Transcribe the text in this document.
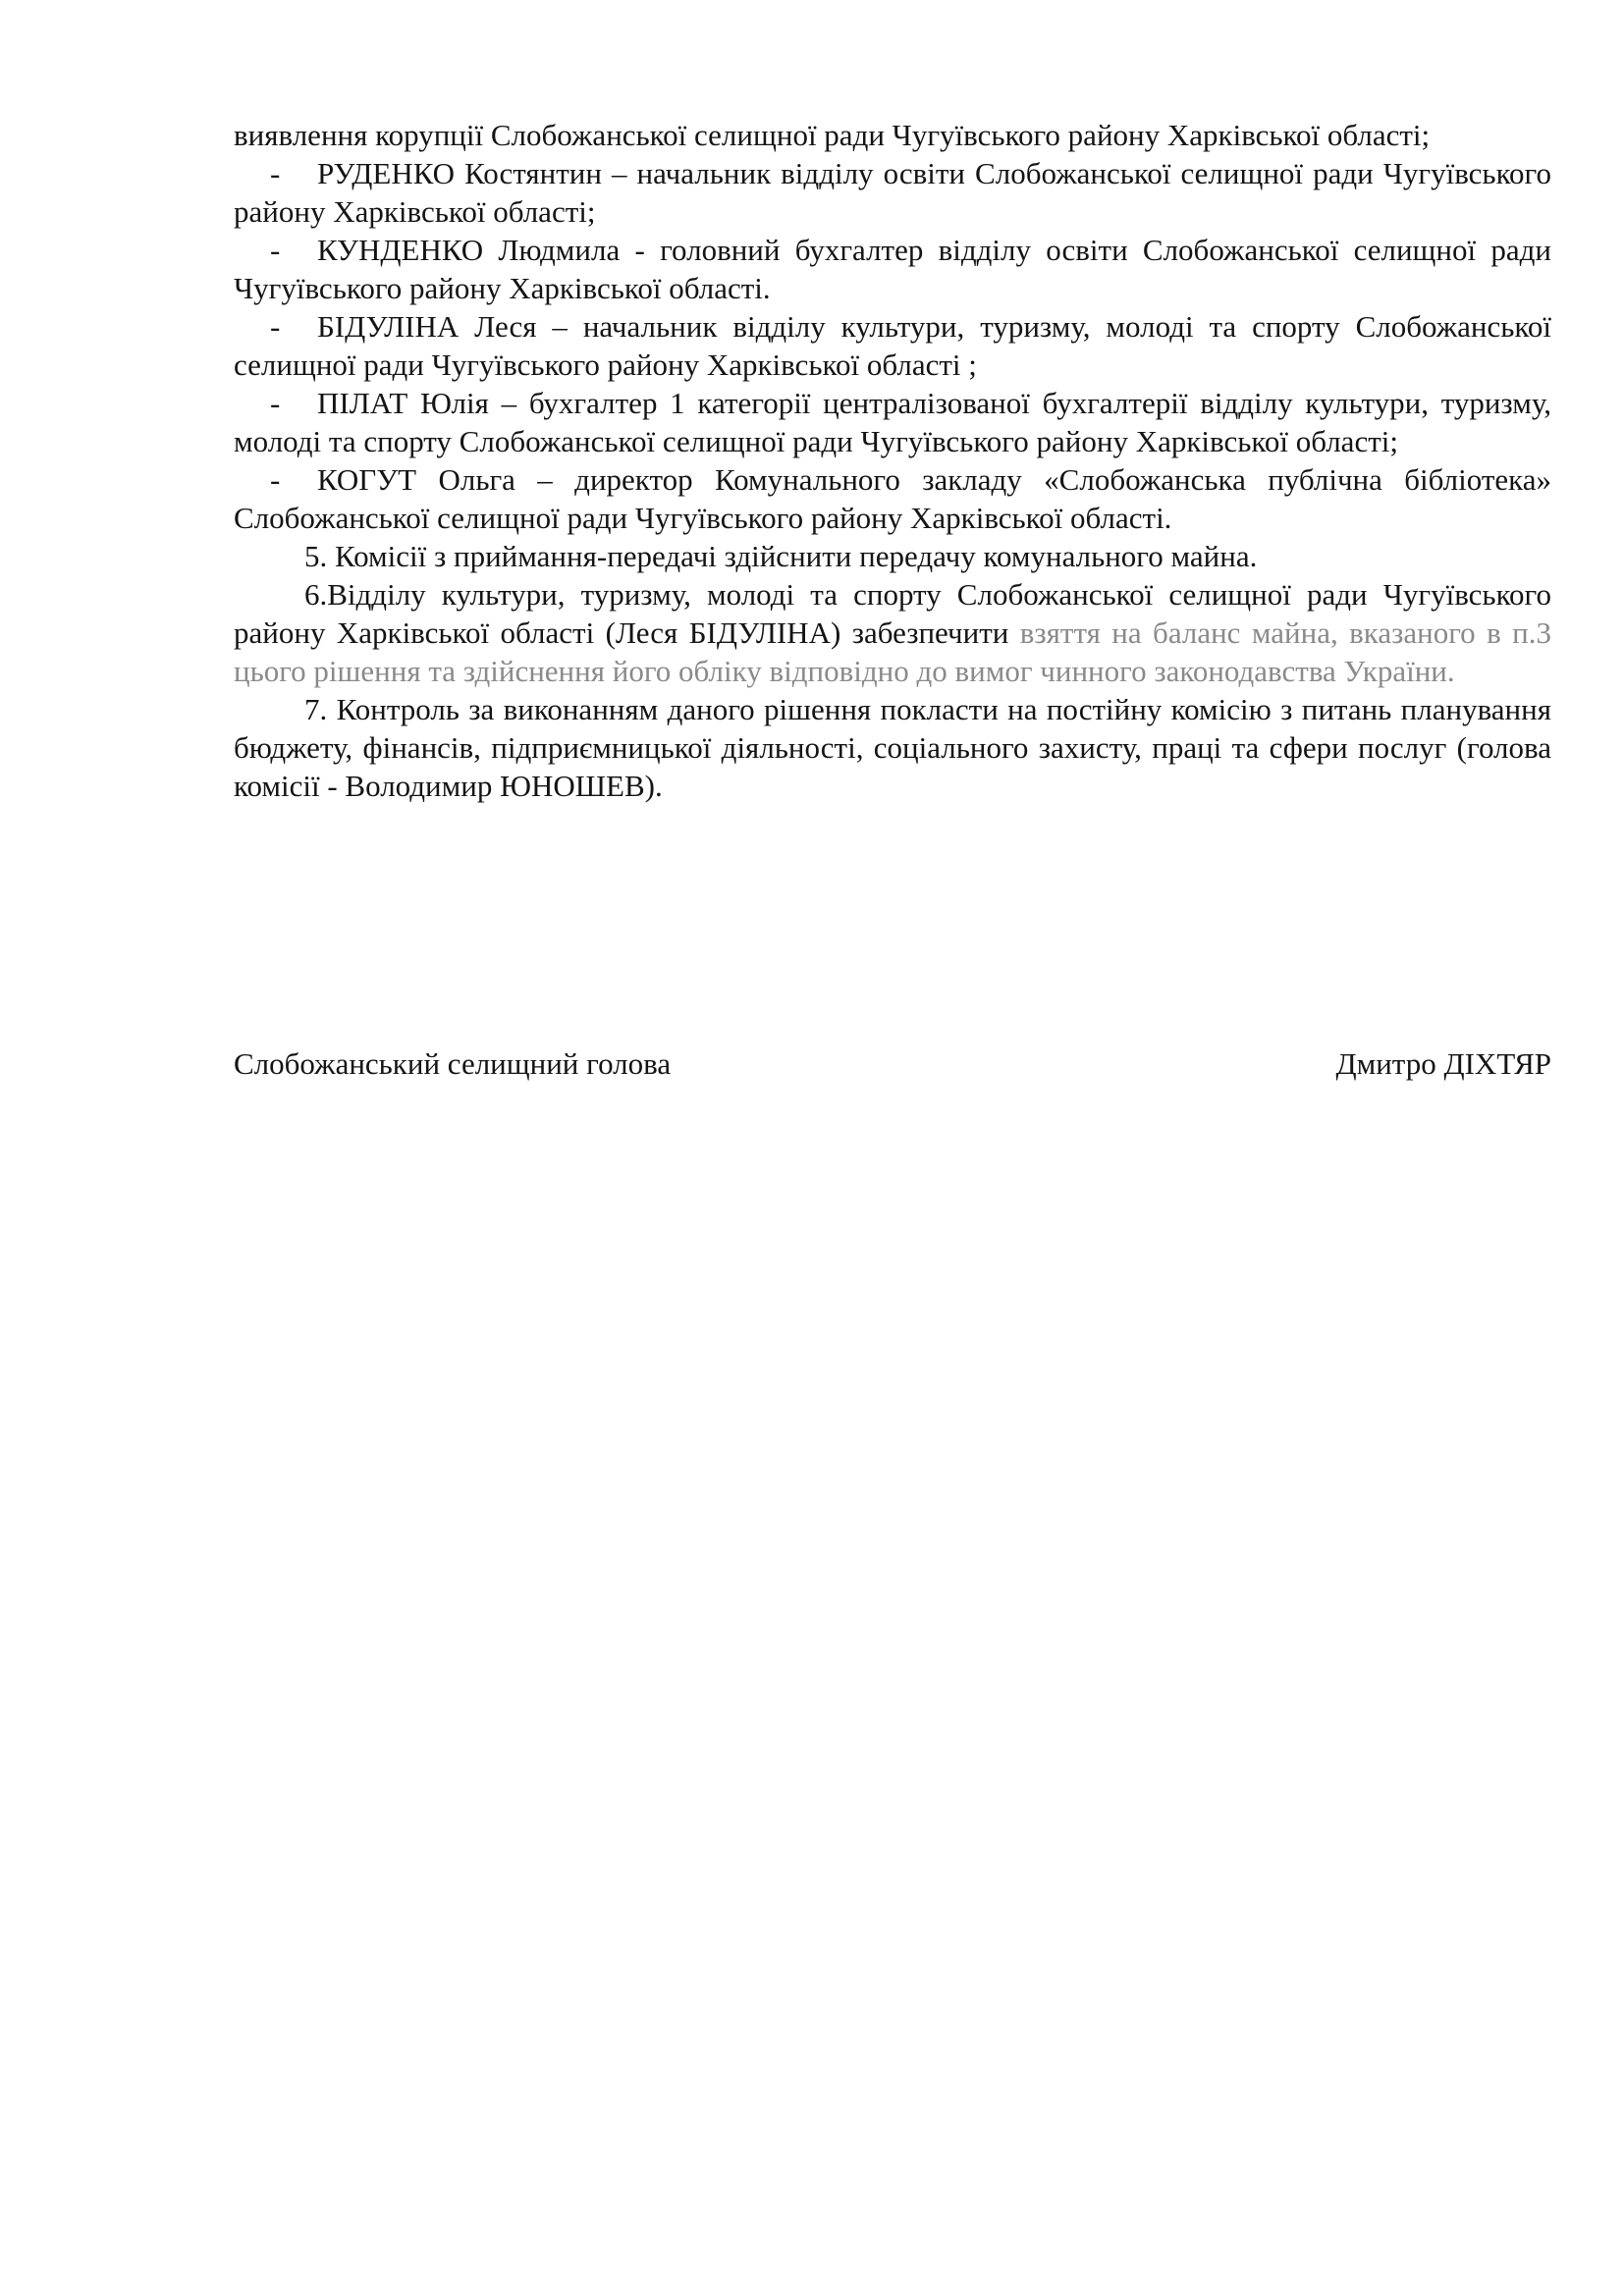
виявлення корупції Слобожанської селищної ради Чугуївського району Харківської області;

- РУДЕНКО Костянтин – начальник відділу освіти Слобожанської селищної ради Чугуївського району Харківської області;

- КУНДЕНКО Людмила - головний бухгалтер відділу освіти Слобожанської селищної ради Чугуївського району Харківської області.

- БІДУЛІНА Леся – начальник відділу культури, туризму, молоді та спорту Слобожанської селищної ради Чугуївського району Харківської області ;

- ПІЛАТ Юлія – бухгалтер 1 категорії централізованої бухгалтерії відділу культури, туризму, молоді та спорту Слобожанської селищної ради Чугуївського району Харківської області;

- КОГУТ Ольга – директор Комунального закладу «Слобожанська публічна бібліотека» Слобожанської селищної ради Чугуївського району Харківської області.

5. Комісії з приймання-передачі здійснити передачу комунального майна.

6.Відділу культури, туризму, молоді та спорту Слобожанської селищної ради Чугуївського району Харківської області (Леся БІДУЛІНА) забезпечити взяття на баланс майна, вказаного в п.3 цього рішення та здійснення його обліку відповідно до вимог чинного законодавства України.

7. Контроль за виконанням даного рішення покласти на постійну комісію з питань планування бюджету, фінансів, підприємницької діяльності, соціального захисту, праці та сфери послуг (голова комісії - Володимир ЮНОШЕВ).

Слобожанський селищний голова	Дмитро ДІХТЯР
